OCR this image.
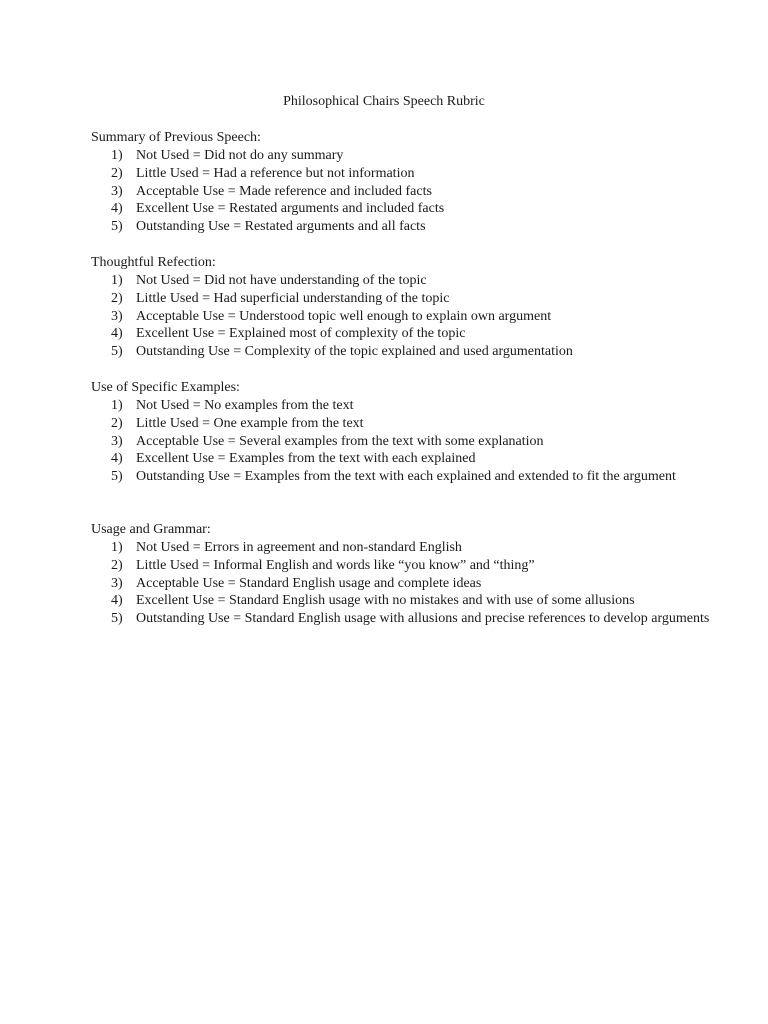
Philosophical Chairs Speech Rubric

Summary of Previous Speech:

1) Not Used = Did not do any summary
2) Little Used = Had a reference but not information
3) Acceptable Use = Made reference and included facts
4) Excellent Use = Restated arguments and included facts
5) Outstanding Use = Restated arguments and all facts

Thoughtful Refection:

1) Not Used = Did not have understanding of the topic
2) Little Used = Had superficial understanding of the topic
3) Acceptable Use = Understood topic well enough to explain own argument
4) Excellent Use = Explained most of complexity of the topic
5) Outstanding Use = Complexity of the topic explained and used argumentation

Use of Specific Examples:

1) Not Used = No examples from the text
2) Little Used = One example from the text
3) Acceptable Use = Several examples from the text with some explanation
4) Excellent Use = Examples from the text with each explained
5) Outstanding Use = Examples from the text with each explained and extended to fit the argument

Usage and Grammar:

1) Not Used = Errors in agreement and non-standard English
2) Little Used = Informal English and words like “you know” and “thing”
3) Acceptable Use = Standard English usage and complete ideas
4) Excellent Use = Standard English usage with no mistakes and with use of some allusions
5) Outstanding Use = Standard English usage with allusions and precise references to develop arguments
